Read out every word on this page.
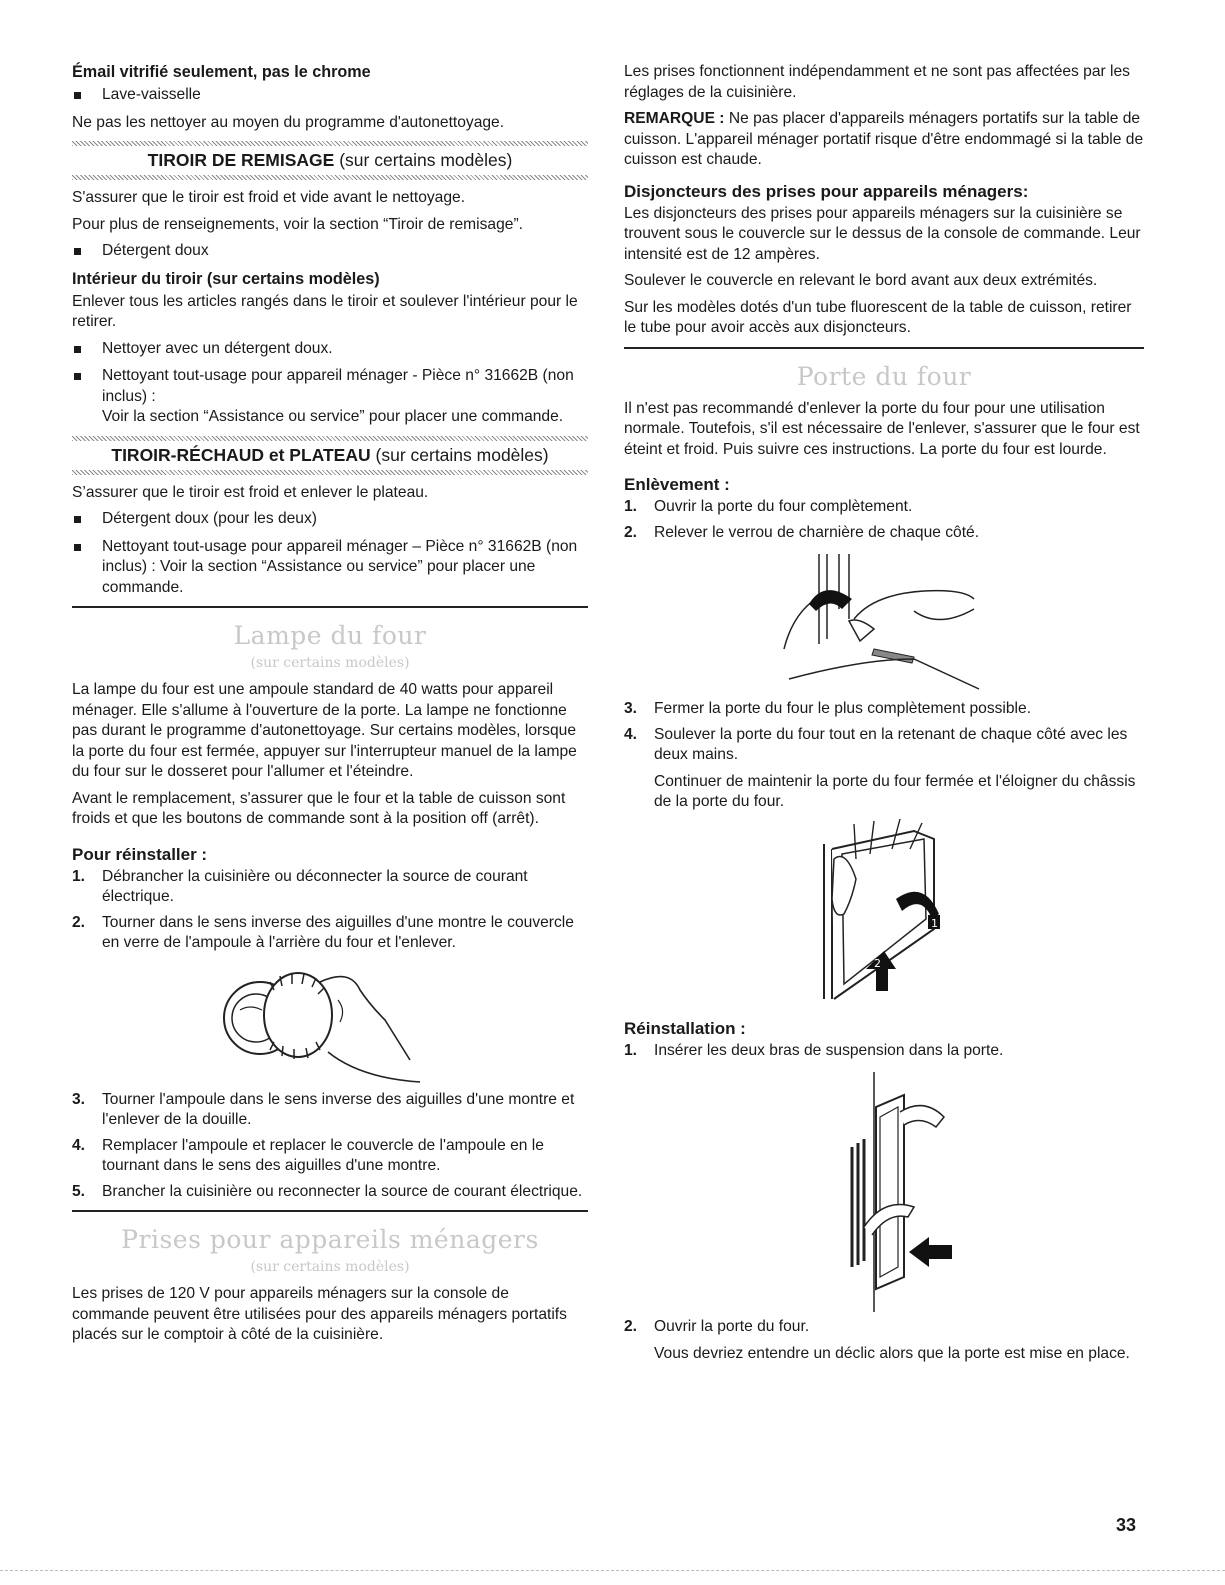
Émail vitrifié seulement, pas le chrome
Lave-vaisselle

Ne pas les nettoyer au moyen du programme d'autonettoyage.

TIROIR DE REMISAGE (sur certains modèles)

S'assurer que le tiroir est froid et vide avant le nettoyage.

Pour plus de renseignements, voir la section “Tiroir de remisage”.

Détergent doux
Intérieur du tiroir (sur certains modèles)

Enlever tous les articles rangés dans le tiroir et soulever l'intérieur pour le retirer.

Nettoyer avec un détergent doux.
Nettoyant tout-usage pour appareil ménager - Pièce n° 31662B (non inclus) :
Voir la section “Assistance ou service” pour placer une commande.
TIROIR-RÉCHAUD et PLATEAU (sur certains modèles)

S’assurer que le tiroir est froid et enlever le plateau.

Détergent doux (pour les deux)
Nettoyant tout-usage pour appareil ménager – Pièce n° 31662B (non inclus) : Voir la section “Assistance ou service” pour placer une commande.
Lampe du four
(sur certains modèles)

La lampe du four est une ampoule standard de 40 watts pour appareil ménager. Elle s'allume à l'ouverture de la porte. La lampe ne fonctionne pas durant le programme d'autonettoyage. Sur certains modèles, lorsque la porte du four est fermée, appuyer sur l'interrupteur manuel de la lampe du four sur le dosseret pour l'allumer et l'éteindre.

Avant le remplacement, s'assurer que le four et la table de cuisson sont froids et que les boutons de commande sont à la position off (arrêt).

Pour réinstaller :
1. Débrancher la cuisinière ou déconnecter la source de courant électrique.
2. Tourner dans le sens inverse des aiguilles d'une montre le couvercle en verre de l'ampoule à l'arrière du four et l'enlever.
3. Tourner l'ampoule dans le sens inverse des aiguilles d'une montre et l'enlever de la douille.
4. Remplacer l'ampoule et replacer le couvercle de l'ampoule en le tournant dans le sens des aiguilles d'une montre.
5. Brancher la cuisinière ou reconnecter la source de courant électrique.
Prises pour appareils ménagers
(sur certains modèles)

Les prises de 120 V pour appareils ménagers sur la console de commande peuvent être utilisées pour des appareils ménagers portatifs placés sur le comptoir à côté de la cuisinière.

Les prises fonctionnent indépendamment et ne sont pas affectées par les réglages de la cuisinière.

REMARQUE : Ne pas placer d'appareils ménagers portatifs sur la table de cuisson. L'appareil ménager portatif risque d'être endommagé si la table de cuisson est chaude.

Disjoncteurs des prises pour appareils ménagers:

Les disjoncteurs des prises pour appareils ménagers sur la cuisinière se trouvent sous le couvercle sur le dessus de la console de commande. Leur intensité est de 12 ampères.

Soulever le couvercle en relevant le bord avant aux deux extrémités.

Sur les modèles dotés d'un tube fluorescent de la table de cuisson, retirer le tube pour avoir accès aux disjoncteurs.

Porte du four

Il n'est pas recommandé d'enlever la porte du four pour une utilisation normale. Toutefois, s'il est nécessaire de l'enlever, s'assurer que le four est éteint et froid. Puis suivre ces instructions. La porte du four est lourde.

Enlèvement :
1. Ouvrir la porte du four complètement.
2. Relever le verrou de charnière de chaque côté.
3. Fermer la porte du four le plus complètement possible.
4. Soulever la porte du four tout en la retenant de chaque côté avec les deux mains.

Continuer de maintenir la porte du four fermée et l'éloigner du châssis de la porte du four.

1
2
Réinstallation :
1. Insérer les deux bras de suspension dans la porte.
2. Ouvrir la porte du four.

Vous devriez entendre un déclic alors que la porte est mise en place.

33
